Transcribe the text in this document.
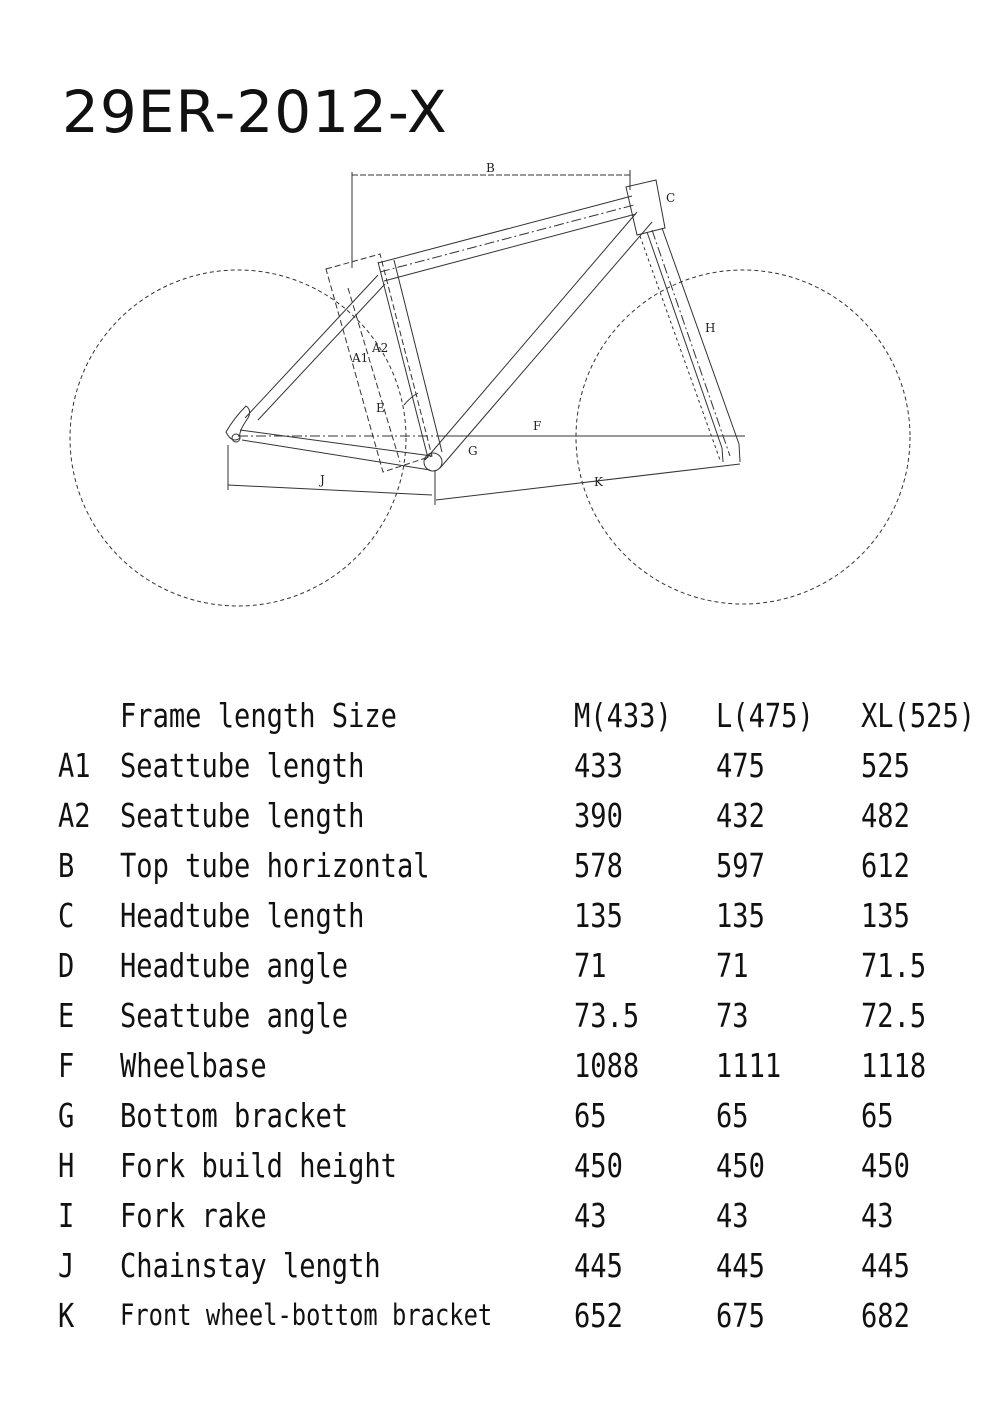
29ER-2012-X
B
C
A1
A2
E
F
G
H
J	K
	Frame length Size	M(433)	L(475)	XL(525)
A1	Seattube length	433	475	525
A2	Seattube length	390	432	482
B	Top tube horizontal	578	597	612
C	Headtube length	135	135	135
D	Headtube angle	71	71	71.5
E	Seattube angle	73.5	73	72.5
F	Wheelbase	1088	1111	1118
G	Bottom bracket	65	65	65
H	Fork build height	450	450	450
I	Fork rake	43	43	43
J	Chainstay length	445	445	445
K	Front wheel-bottom bracket	652	675	682
